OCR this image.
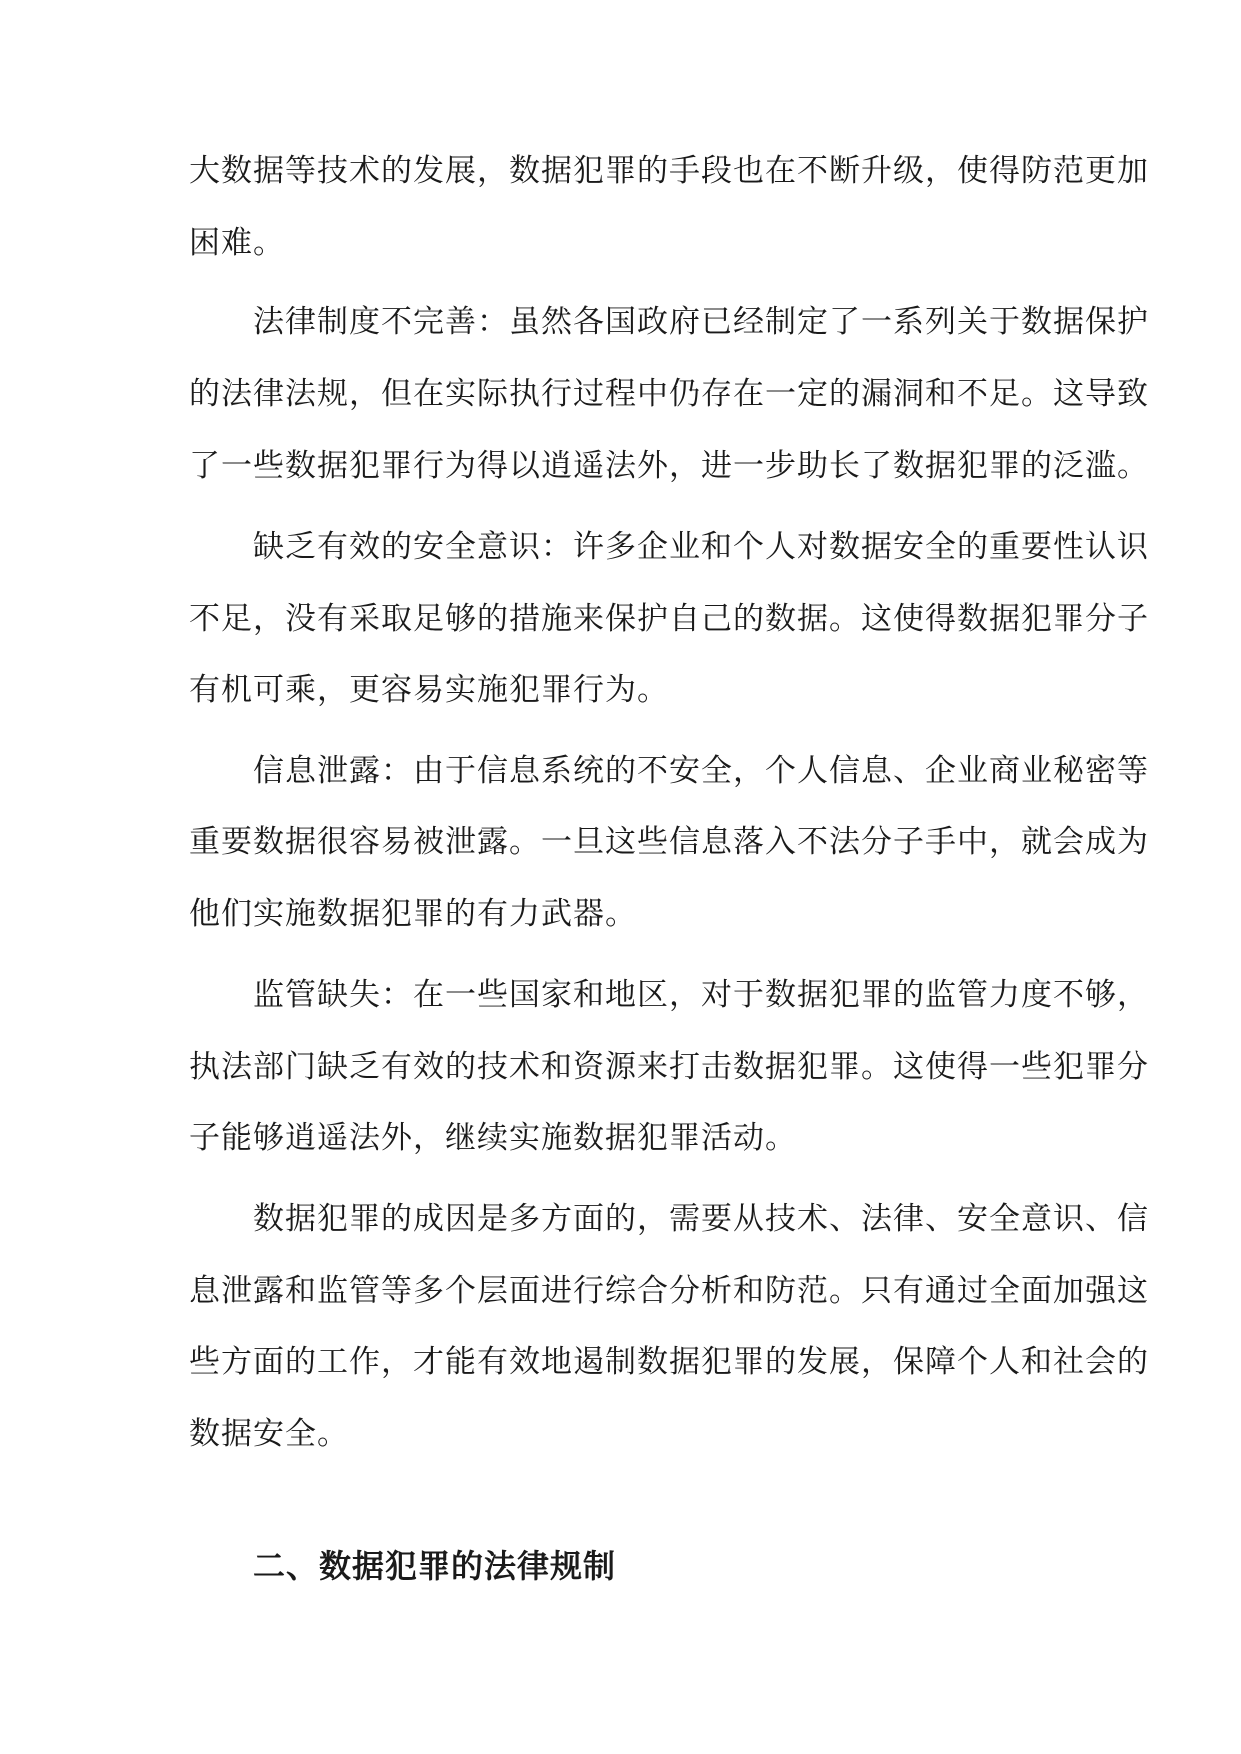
大数据等技术的发展，数据犯罪的手段也在不断升级，使得防范更加
困难。
　　法律制度不完善：虽然各国政府已经制定了一系列关于数据保护
的法律法规，但在实际执行过程中仍存在一定的漏洞和不足。这导致
了一些数据犯罪行为得以逍遥法外，进一步助长了数据犯罪的泛滥。
　　缺乏有效的安全意识：许多企业和个人对数据安全的重要性认识
不足，没有采取足够的措施来保护自己的数据。这使得数据犯罪分子
有机可乘，更容易实施犯罪行为。
　　信息泄露：由于信息系统的不安全，个人信息、企业商业秘密等
重要数据很容易被泄露。一旦这些信息落入不法分子手中，就会成为
他们实施数据犯罪的有力武器。
　　监管缺失：在一些国家和地区，对于数据犯罪的监管力度不够，
执法部门缺乏有效的技术和资源来打击数据犯罪。这使得一些犯罪分
子能够逍遥法外，继续实施数据犯罪活动。
　　数据犯罪的成因是多方面的，需要从技术、法律、安全意识、信
息泄露和监管等多个层面进行综合分析和防范。只有通过全面加强这
些方面的工作，才能有效地遏制数据犯罪的发展，保障个人和社会的
数据安全。
二、数据犯罪的法律规制
